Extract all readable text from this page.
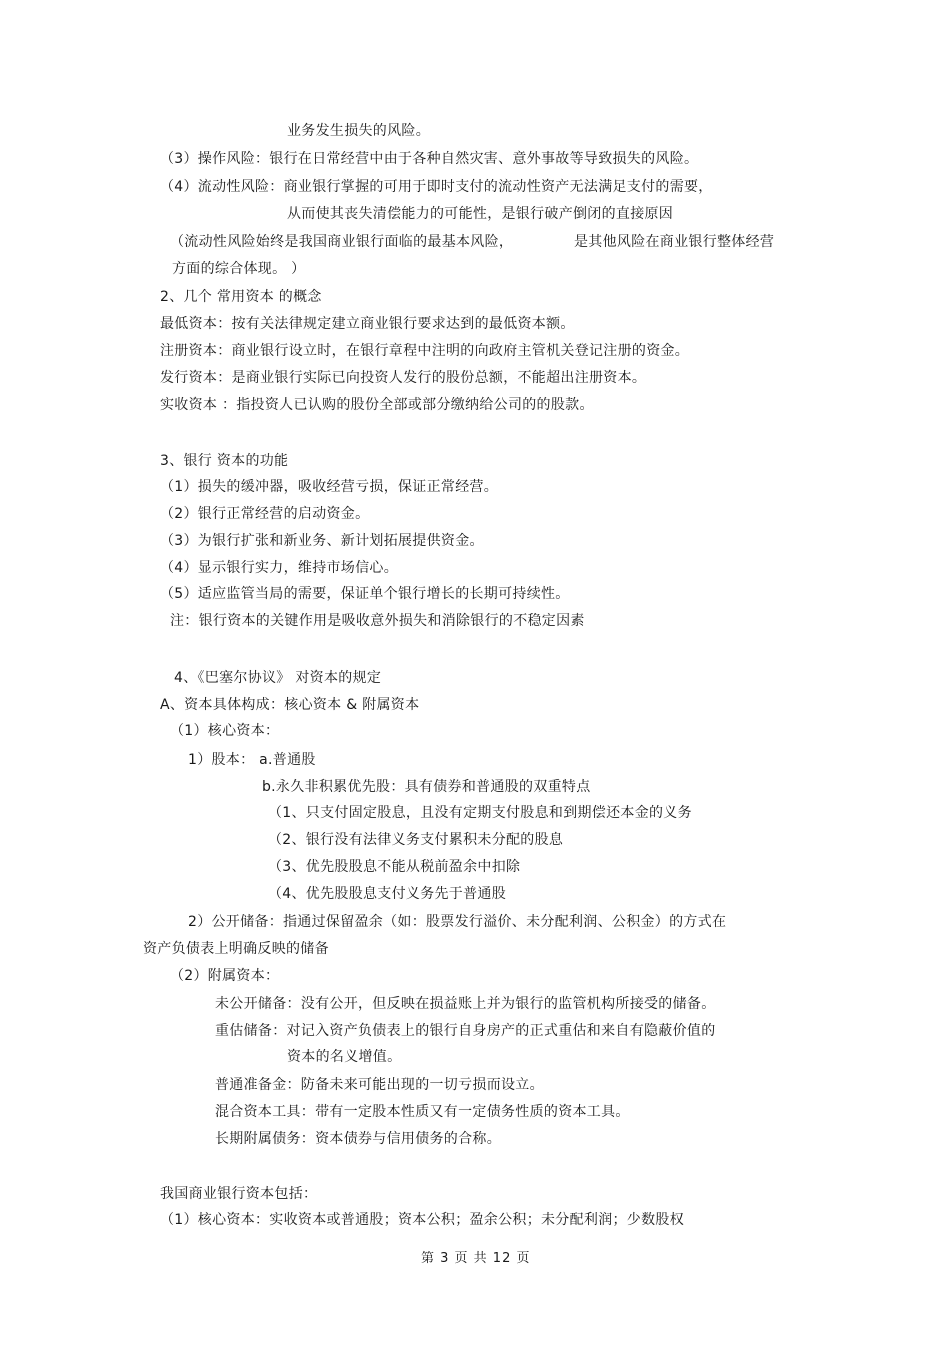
业务发生损失的风险。
（3）操作风险：银行在日常经营中由于各种自然灾害、意外事故等导致损失的风险。
（4）流动性风险：商业银行掌握的可用于即时支付的流动性资产无法满足支付的需要，
从而使其丧失清偿能力的可能性，是银行破产倒闭的直接原因
（流动性风险始终是我国商业银行面临的最基本风险，	是其他风险在商业银行整体经营
方面的综合体现。 ）
2、几个 常用资本 的概念
最低资本：按有关法律规定建立商业银行要求达到的最低资本额。
注册资本：商业银行设立时，在银行章程中注明的向政府主管机关登记注册的资金。
发行资本：是商业银行实际已向投资人发行的股份总额，不能超出注册资本。
实收资本 ：指投资人已认购的股份全部或部分缴纳给公司的的股款。
3、银行 资本的功能
（1）损失的缓冲器，吸收经营亏损，保证正常经营。
（2）银行正常经营的启动资金。
（3）为银行扩张和新业务、新计划拓展提供资金。
（4）显示银行实力，维持市场信心。
（5）适应监管当局的需要，保证单个银行增长的长期可持续性。
注：银行资本的关键作用是吸收意外损失和消除银行的不稳定因素
4、《巴塞尔协议》 对资本的规定
A、资本具体构成：核心资本 & 附属资本
（1）核心资本：
1）股本： a.普通股
b.永久非积累优先股：具有债券和普通股的双重特点
（1、只支付固定股息，且没有定期支付股息和到期偿还本金的义务
（2、银行没有法律义务支付累积未分配的股息
（3、优先股股息不能从税前盈余中扣除
（4、优先股股息支付义务先于普通股
2）公开储备：指通过保留盈余（如：股票发行溢价、未分配利润、公积金）的方式在
资产负债表上明确反映的储备
（2）附属资本：
未公开储备：没有公开，但反映在损益账上并为银行的监管机构所接受的储备。
重估储备：对记入资产负债表上的银行自身房产的正式重估和来自有隐蔽价值的
资本的名义增值。
普通准备金：防备未来可能出现的一切亏损而设立。
混合资本工具：带有一定股本性质又有一定债务性质的资本工具。
长期附属债务：资本债券与信用债务的合称。
我国商业银行资本包括：
（1）核心资本：实收资本或普通股；资本公积；盈余公积；未分配利润；少数股权
第 3 页 共 12 页
